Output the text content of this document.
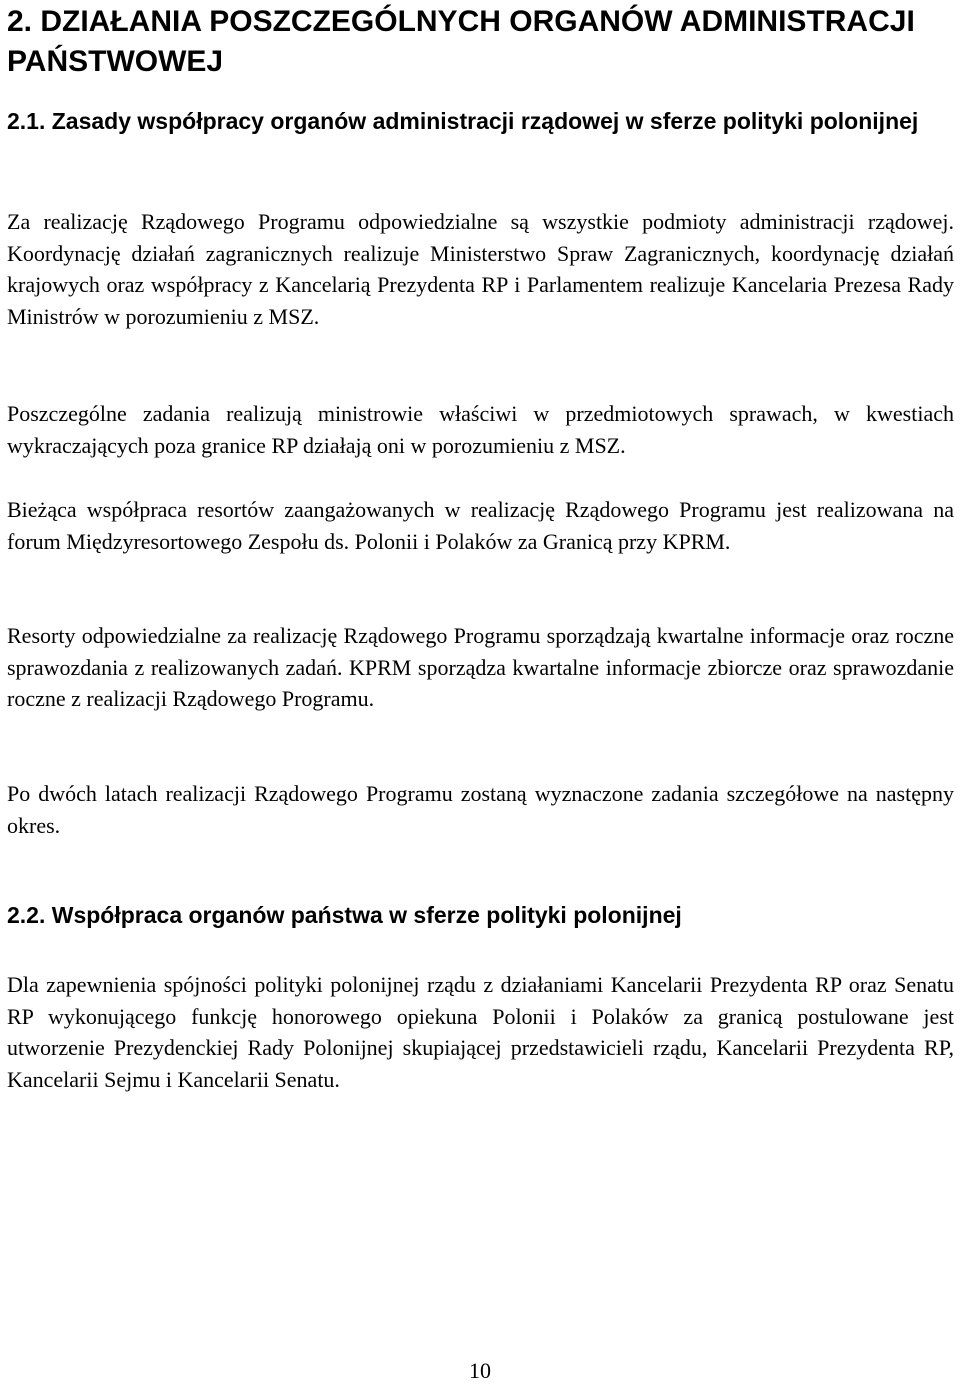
2. DZIAŁANIA POSZCZEGÓLNYCH ORGANÓW ADMINISTRACJI PAŃSTWOWEJ
2.1. Zasady współpracy organów administracji rządowej w sferze polityki polonijnej

Za realizację Rządowego Programu odpowiedzialne są wszystkie podmioty administracji rządowej. Koordynację działań zagranicznych realizuje Ministerstwo Spraw Zagranicznych, koordynację działań krajowych oraz współpracy z Kancelarią Prezydenta RP i Parlamentem realizuje Kancelaria Prezesa Rady Ministrów w porozumieniu z MSZ.

Poszczególne zadania realizują ministrowie właściwi w przedmiotowych sprawach, w kwestiach wykraczających poza granice RP działają oni w porozumieniu z MSZ.

Bieżąca współpraca resortów zaangażowanych w realizację Rządowego Programu jest realizowana na forum Międzyresortowego Zespołu ds. Polonii i Polaków za Granicą przy KPRM.

Resorty odpowiedzialne za realizację Rządowego Programu sporządzają kwartalne informacje oraz roczne sprawozdania z realizowanych zadań. KPRM sporządza kwartalne informacje zbiorcze oraz sprawozdanie roczne z realizacji Rządowego Programu.

Po dwóch latach realizacji Rządowego Programu zostaną wyznaczone zadania szczegółowe na następny okres.

2.2. Współpraca organów państwa w sferze polityki polonijnej

Dla zapewnienia spójności polityki polonijnej rządu z działaniami Kancelarii Prezydenta RP oraz Senatu RP wykonującego funkcję honorowego opiekuna Polonii i Polaków za granicą postulowane jest utworzenie Prezydenckiej Rady Polonijnej skupiającej przedstawicieli rządu, Kancelarii Prezydenta RP, Kancelarii Sejmu i Kancelarii Senatu.

10
